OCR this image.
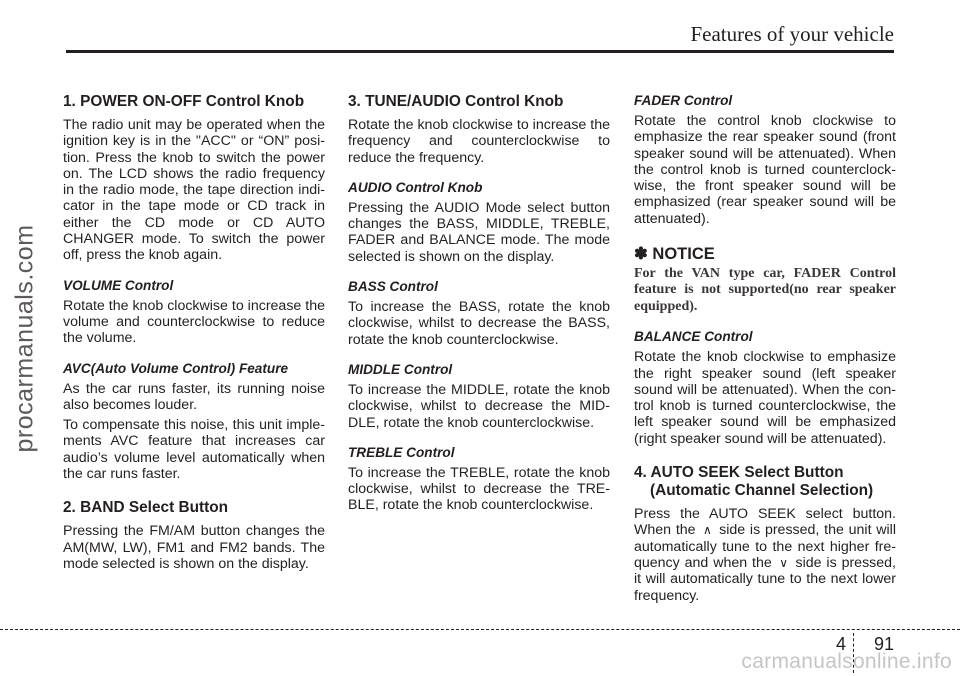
Features of your vehicle
procarmanuals.com
1. POWER ON-OFF Control Knob

The radio unit may be operated when the ignition key is in the "ACC" or “ON” posi-tion. Press the knob to switch the power on. The LCD shows the radio frequency in the radio mode, the tape direction indi-cator in the tape mode or CD track in either the CD mode or CD AUTO CHANGER mode. To switch the power off, press the knob again.

VOLUME Control

Rotate the knob clockwise to increase the volume and counterclockwise to reduce the volume.

AVC(Auto Volume Control) Feature

As the car runs faster, its running noise also becomes louder.

To compensate this noise, this unit imple-ments AVC feature that increases car audio’s volume level automatically when the car runs faster.

2. BAND Select Button

Pressing the FM/AM button changes the AM(MW, LW), FM1 and FM2 bands. The mode selected is shown on the display.

3. TUNE/AUDIO Control Knob

Rotate the knob clockwise to increase the frequency and counterclockwise to reduce the frequency.

AUDIO Control Knob

Pressing the AUDIO Mode select button changes the BASS, MIDDLE, TREBLE, FADER and BALANCE mode. The mode selected is shown on the display.

BASS Control

To increase the BASS, rotate the knob clockwise, whilst to decrease the BASS, rotate the knob counterclockwise.

MIDDLE Control

To increase the MIDDLE, rotate the knob clockwise, whilst to decrease the MID-DLE, rotate the knob counterclockwise.

TREBLE Control

To increase the TREBLE, rotate the knob clockwise, whilst to decrease the TRE-BLE, rotate the knob counterclockwise.

FADER Control

Rotate the control knob clockwise to emphasize the rear speaker sound (front speaker sound will be attenuated). When the control knob is turned counterclock-wise, the front speaker sound will be emphasized (rear speaker sound will be attenuated).

✽ NOTICE

For the VAN type car, FADER Control feature is not supported(no rear speaker equipped).

BALANCE Control

Rotate the knob clockwise to emphasize the right speaker sound (left speaker sound will be attenuated). When the con-trol knob is turned counterclockwise, the left speaker sound will be emphasized (right speaker sound will be attenuated).

4. AUTO SEEK Select Button
(Automatic Channel Selection)

Press the AUTO SEEK select button. When the ∧ side is pressed, the unit will automatically tune to the next higher fre-quency and when the ∨ side is pressed, it will automatically tune to the next lower frequency.

4 91
carmanualsonline.info
